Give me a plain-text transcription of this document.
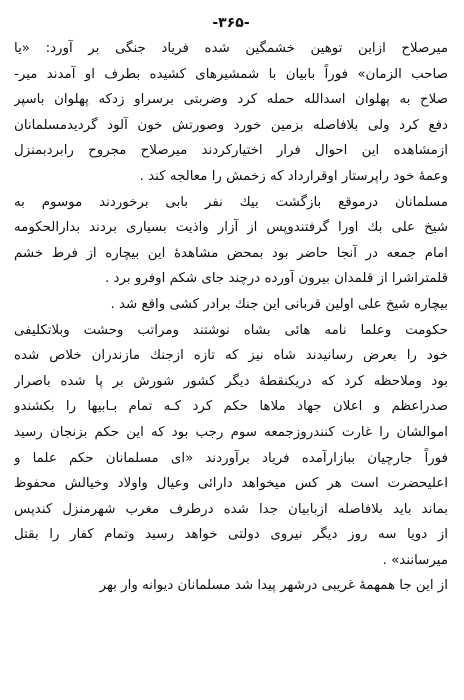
-۳۶۵-
میرصلاح ازاین توهین خشمگین شده فریاد جنگی بر آورد: «یا
صاحب الزمان» فوراً بابیان با شمشیرهای کشیده بطرف او آمدند میر-
صلاح به پهلوان اسدالله حمله کرد وضربتی برسراو زدکه پهلوان باسپر
دفع کرد ولی بلافاصله بزمین خورد وصورتش خون آلود گردیدمسلمانان
ازمشاهده این احوال فرار اختیارکردند میرصلاح مجروح رابردبمنزل
وعمهٔ خود راپرستار اوقرارداد که زخمش را معالجه کند .
مسلمانان درموقع بازگشت بیك نفر بابی برخوردند موسوم به
شیخ علی بك اورا گرفتندوپس از آزار واذیت بسیاری بردند بدارالحکومه
امام جمعه در آنجا حاضر بود بمحض مشاهدهٔ این بیچاره از فرط خشم
قلمتراشرا از قلمدان بیرون آورده درچند جای شکم اوفرو برد .
بیچاره شیخ علی اولین قربانی این جنك برادر کشی واقع شد .
حکومت وعلما نامه هائی بشاه نوشتند ومراتب وحشت وبلاتکلیفی
خود را بعرض رسانیدند شاه نیز که تازه ازجنك مازندران خلاص شده
بود وملاحظه کرد که دریکنقطهٔ دیگر کشور شورش بر پا شده باصرار
صدراعظم و اعلان جهاد ملاها حکم کرد کـه تمام بـابیها را بکشندو
اموالشان را غارت کنندروزجمعه سوم رجب بود که این حکم بزنجان رسید
فوراً جارچیان ببازارآمده فریاد برآوردند «ای مسلمانان حکم علما و
اعلیحضرت است هر کس میخواهد دارائی وعیال واولاد وخیالش محفوظ
بماند باید بلافاصله ازبابیان جدا شده درطرف مغرب شهرمنزل کندپس
از دویا سه روز دیگر نیروی دولتی خواهد رسید وتمام کفار را بقتل
میرسانند» .
از این جا همهمهٔ غریبی درشهر پیدا شد مسلمانان دیوانه وار بهر
